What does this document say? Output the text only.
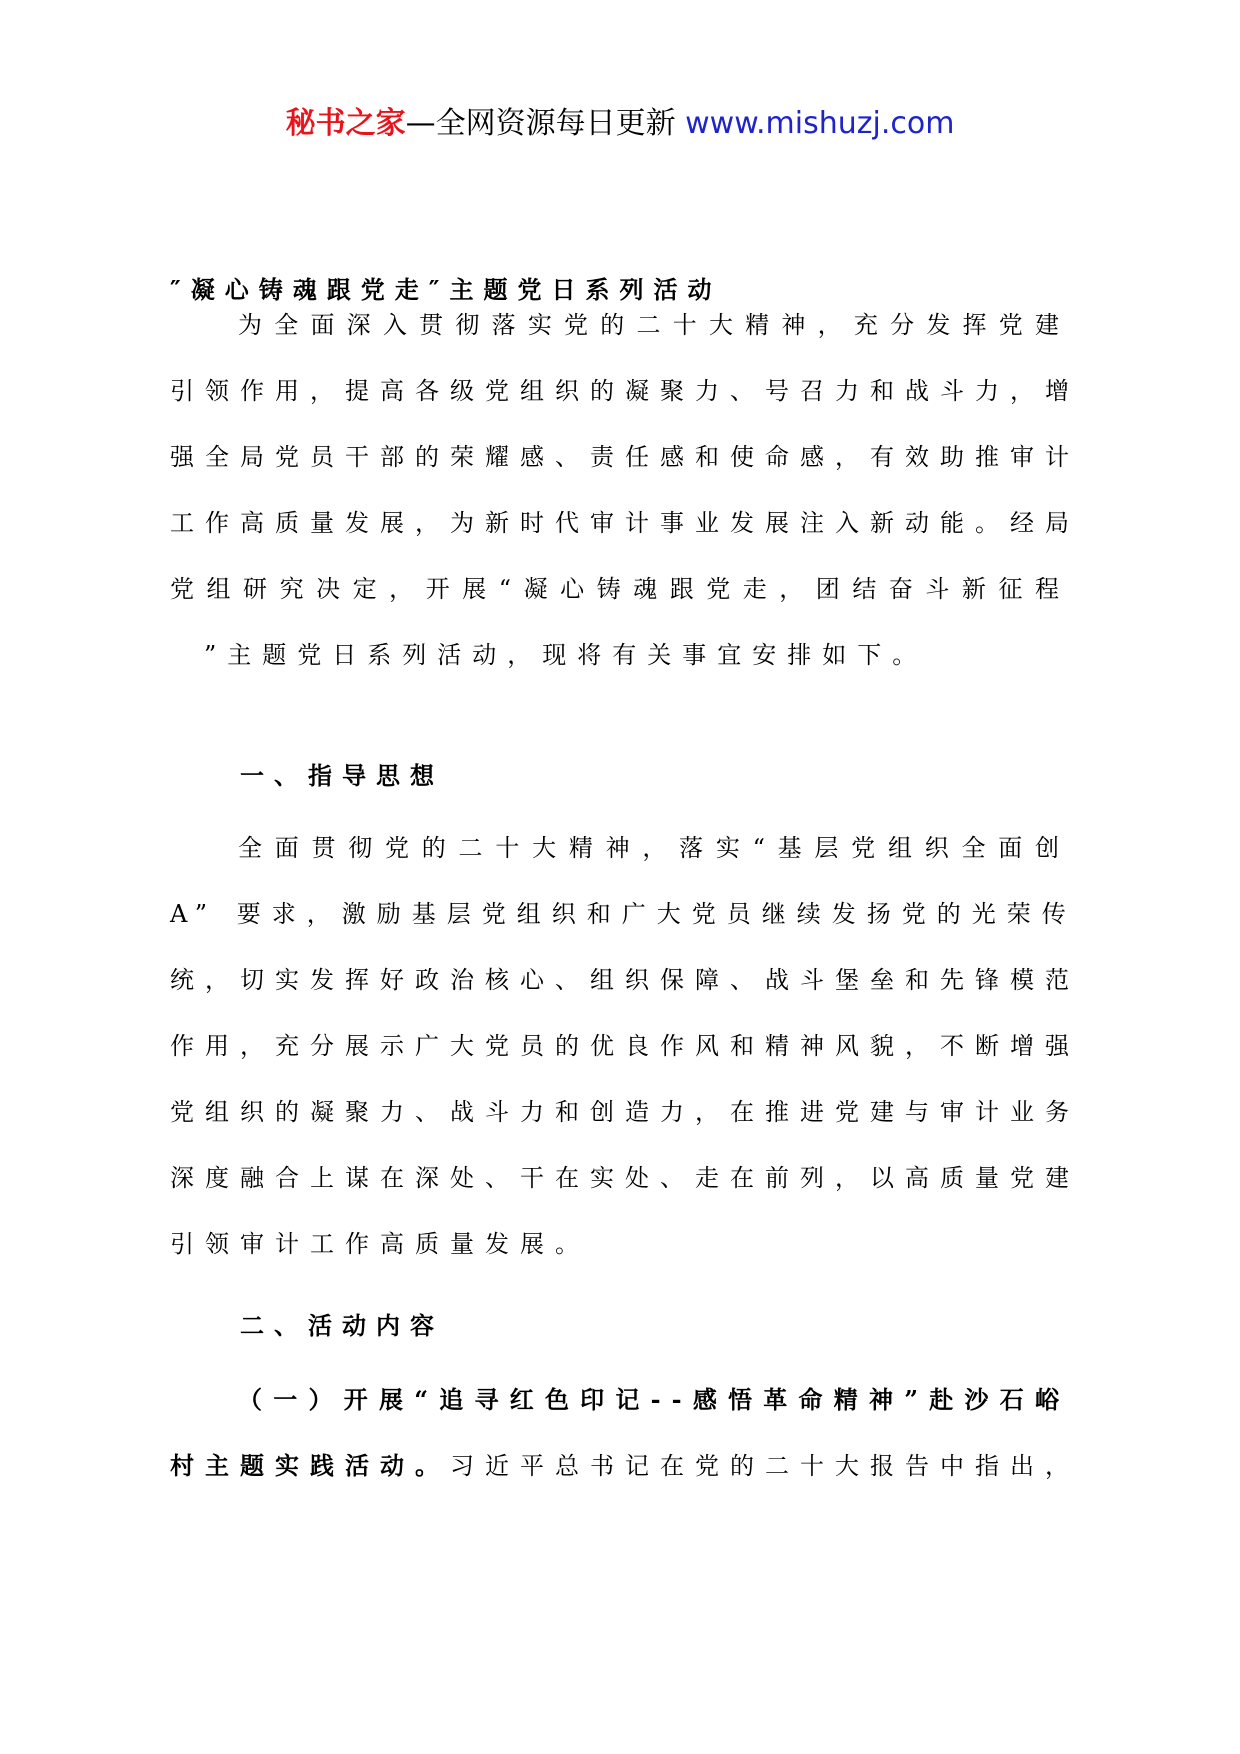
秘书之家—全网资源每日更新 www.mishuzj.com
″凝心铸魂跟党走″主题党日系列活动
为全面深入贯彻落实党的二十大精神，充分发挥党建
引领作用，提高各级党组织的凝聚力、号召力和战斗力，增
强全局党员干部的荣耀感、责任感和使命感，有效助推审计
工作高质量发展，为新时代审计事业发展注入新动能。经局
党组研究决定，开展“凝心铸魂跟党走，团结奋斗新征程
”主题党日系列活动，现将有关事宜安排如下。
一、指导思想
全面贯彻党的二十大精神，落实“基层党组织全面创
A” 要求，激励基层党组织和广大党员继续发扬党的光荣传
统，切实发挥好政治核心、组织保障、战斗堡垒和先锋模范
作用，充分展示广大党员的优良作风和精神风貌，不断增强
党组织的凝聚力、战斗力和创造力，在推进党建与审计业务
深度融合上谋在深处、干在实处、走在前列，以高质量党建
引领审计工作高质量发展。
二、活动内容
（一）开展“追寻红色印记--感悟革命精神”赴沙石峪
村主题实践活动。习近平总书记在党的二十大报告中指出，
